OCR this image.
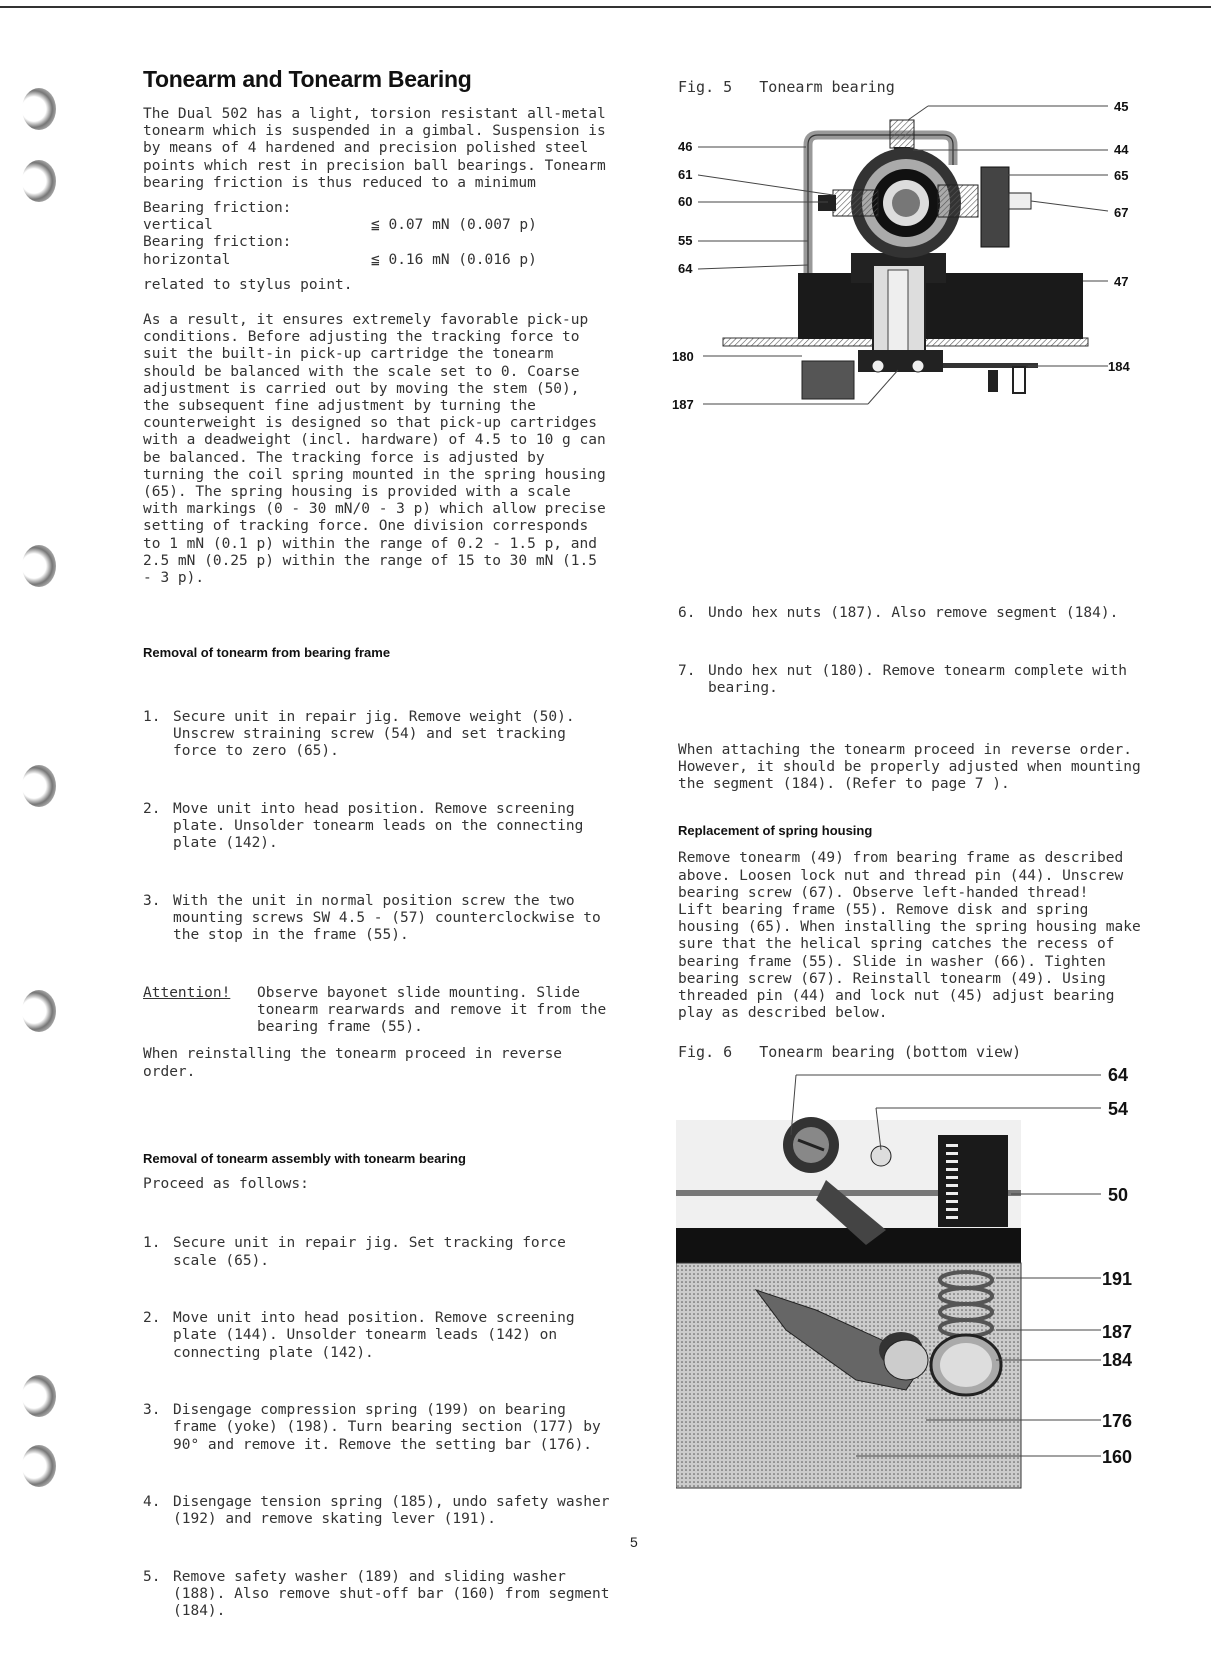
Tonearm and Tonearm Bearing

The Dual 502 has a light, torsion resistant all-metal tonearm which is suspended in a gimbal. Suspension is by means of 4 hardened and precision polished steel points which rest in precision ball bearings. Tonearm bearing friction is thus reduced to a minimum

Bearing friction:
vertical	≦ 0.07 mN (0.007 p)
Bearing friction:
horizontal	≦ 0.16 mN (0.016 p)

related to stylus point.

As a result, it ensures extremely favorable pick-up conditions. Before adjusting the tracking force to suit the built-in pick-up cartridge the tonearm should be balanced with the scale set to 0. Coarse adjustment is carried out by moving the stem (50), the subsequent fine adjustment by turning the counterweight is designed so that pick-up cartridges with a deadweight (incl. hardware) of 4.5 to 10 g can be balanced. The tracking force is adjusted by turning the coil spring mounted in the spring housing (65). The spring housing is provided with a scale with markings (0 - 30 mN/0 - 3 p) which allow precise setting of tracking force. One division corresponds to 1 mN (0.1 p) within the range of 0.2 - 1.5 p, and 2.5 mN (0.25 p) within the range of 15 to 30 mN (1.5 - 3 p).

Removal of tonearm from bearing frame

1. Secure unit in repair jig. Remove weight (50). Unscrew straining screw (54) and set tracking force to zero (65).

2. Move unit into head position. Remove screening plate. Unsolder tonearm leads on the connecting plate (142).

3. With the unit in normal position screw the two mounting screws SW 4.5 - (57) counterclockwise to the stop in the frame (55).

Attention!	Observe bayonet slide mounting. Slide tonearm rearwards and remove it from the bearing frame (55).

When reinstalling the tonearm proceed in reverse order.

Removal of tonearm assembly with tonearm bearing

Proceed as follows:

1. Secure unit in repair jig. Set tracking force scale (65).

2. Move unit into head position. Remove screening plate (144). Unsolder tonearm leads (142) on connecting plate (142).

3. Disengage compression spring (199) on bearing frame (yoke) (198). Turn bearing section (177) by 90° and remove it. Remove the setting bar (176).

4. Disengage tension spring (185), undo safety washer (192) and remove skating lever (191).

5. Remove safety washer (189) and sliding washer (188). Also remove shut-off bar (160) from segment (184).

Fig. 5   Tonearm bearing
46
61
60
55
64
180
187
45
44
65
67
47
184

6. Undo hex nuts (187). Also remove segment (184).

7. Undo hex nut (180). Remove tonearm complete with bearing.

When attaching the tonearm proceed in reverse order. However, it should be properly adjusted when mounting the segment (184). (Refer to page 7 ).

Replacement of spring housing

Remove tonearm (49) from bearing frame as described above. Loosen lock nut and thread pin (44). Unscrew bearing screw (67). Observe left-handed thread!
Lift bearing frame (55). Remove disk and spring housing (65). When installing the spring housing make sure that the helical spring catches the recess of bearing frame (55). Slide in washer (66). Tighten bearing screw (67). Reinstall tonearm (49). Using threaded pin (44) and lock nut (45) adjust bearing play as described below.

Fig. 6   Tonearm bearing (bottom view)
64
54
50
191
187
184
176
160
5
